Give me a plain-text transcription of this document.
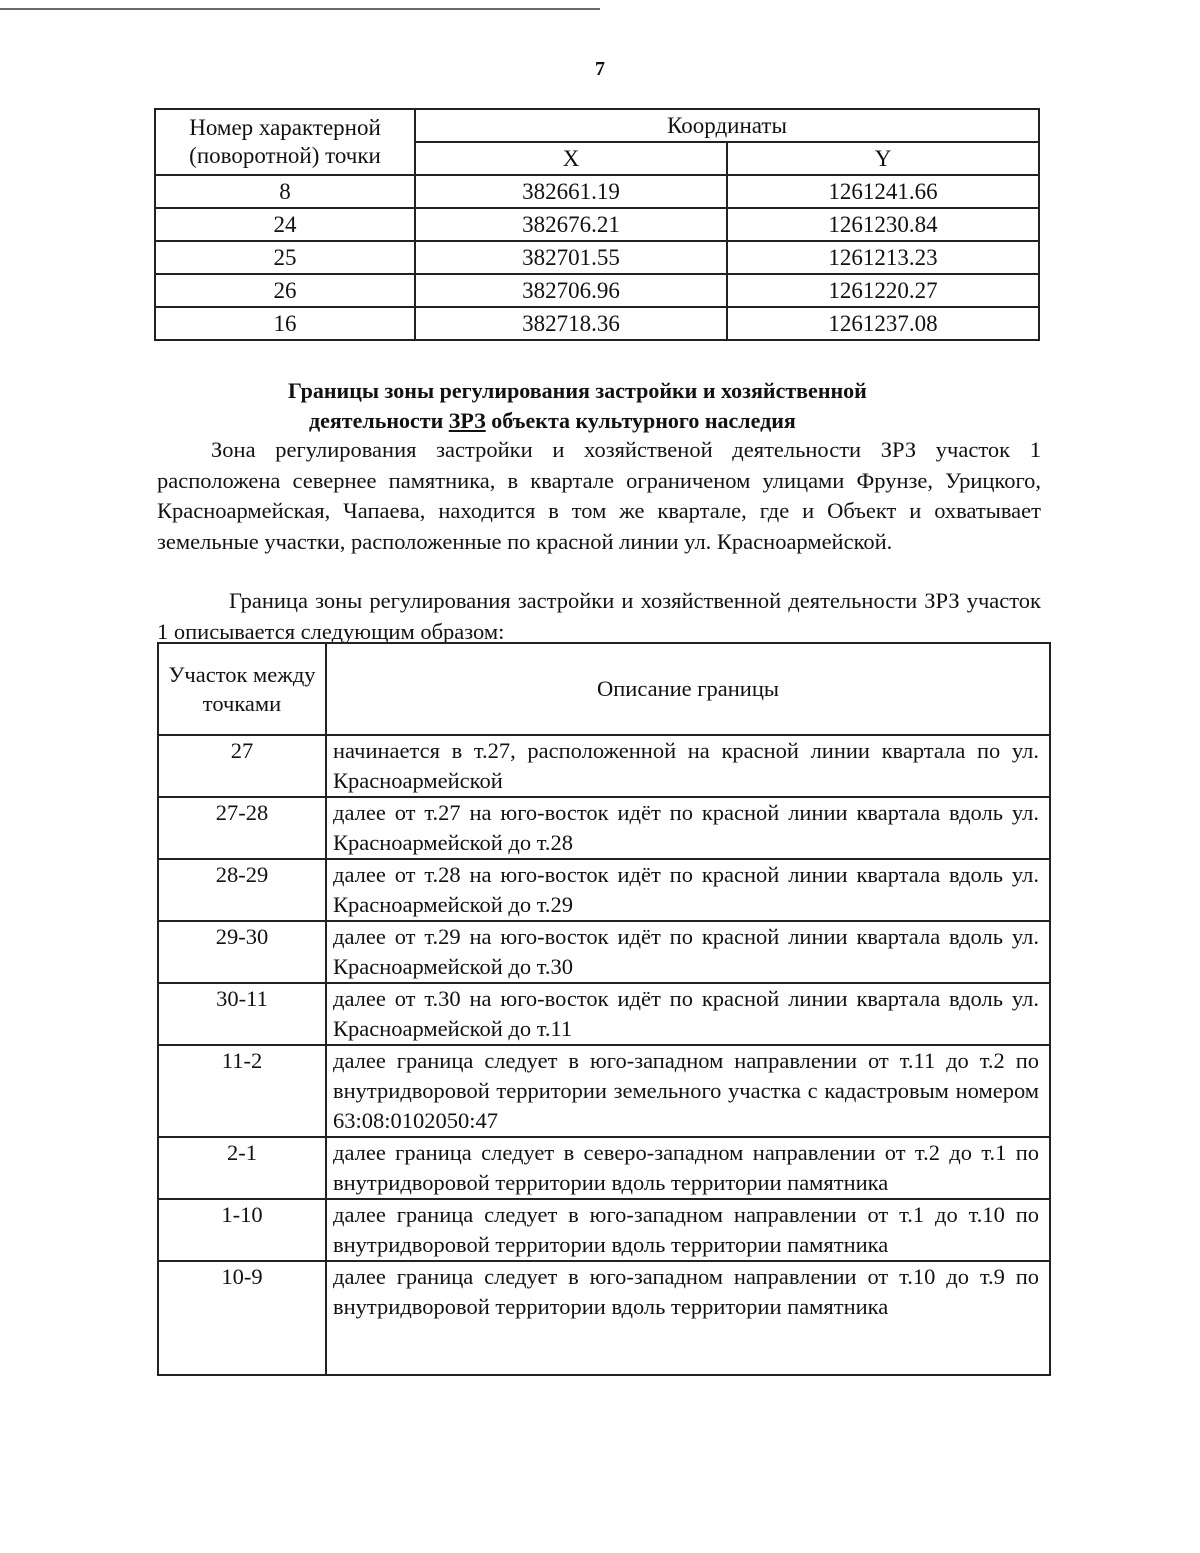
7
Номер характерной (поворотной) точки	Координаты	
	X	Y
8	382661.19	1261241.66
24	382676.21	1261230.84
25	382701.55	1261213.23
26	382706.96	1261220.27
16	382718.36	1261237.08
Границы зоны регулирования застройки и хозяйственной
деятельности ЗРЗ объекта культурного наследия
Зона регулирования застройки и хозяйственой деятельности ЗРЗ участок 1 расположена севернее памятника, в квартале ограниченом улицами Фрунзе, Урицкого, Красноармейская, Чапаева, находится в том же квартале, где и Объект и охватывает земельные участки, расположенные по красной линии ул. Красноармейской.
Граница зоны регулирования застройки и хозяйственной деятельности ЗРЗ участок 1 описывается следующим образом:
Участок между точками	Описание границы
27	начинается в т.27, расположенной на красной линии квартала по ул. Красноармейской
27-28	далее от т.27 на юго-восток идёт по красной линии квартала вдоль ул. Красноармейской до т.28
28-29	далее от т.28 на юго-восток идёт по красной линии квартала вдоль ул. Красноармейской до т.29
29-30	далее от т.29 на юго-восток идёт по красной линии квартала вдоль ул. Красноармейской до т.30
30-11	далее от т.30 на юго-восток идёт по красной линии квартала вдоль ул. Красноармейской до т.11
11-2	далее граница следует в юго-западном направлении от т.11 до т.2 по внутридворовой территории земельного участка с кадастровым номером 63:08:0102050:47
2-1	далее граница следует в северо-западном направлении от т.2 до т.1 по внутридворовой территории вдоль территории памятника
1-10	далее граница следует в юго-западном направлении от т.1 до т.10 по внутридворовой территории вдоль территории памятника
10-9	далее граница следует в юго-западном направлении от т.10 до т.9 по внутридворовой территории вдоль территории памятника
